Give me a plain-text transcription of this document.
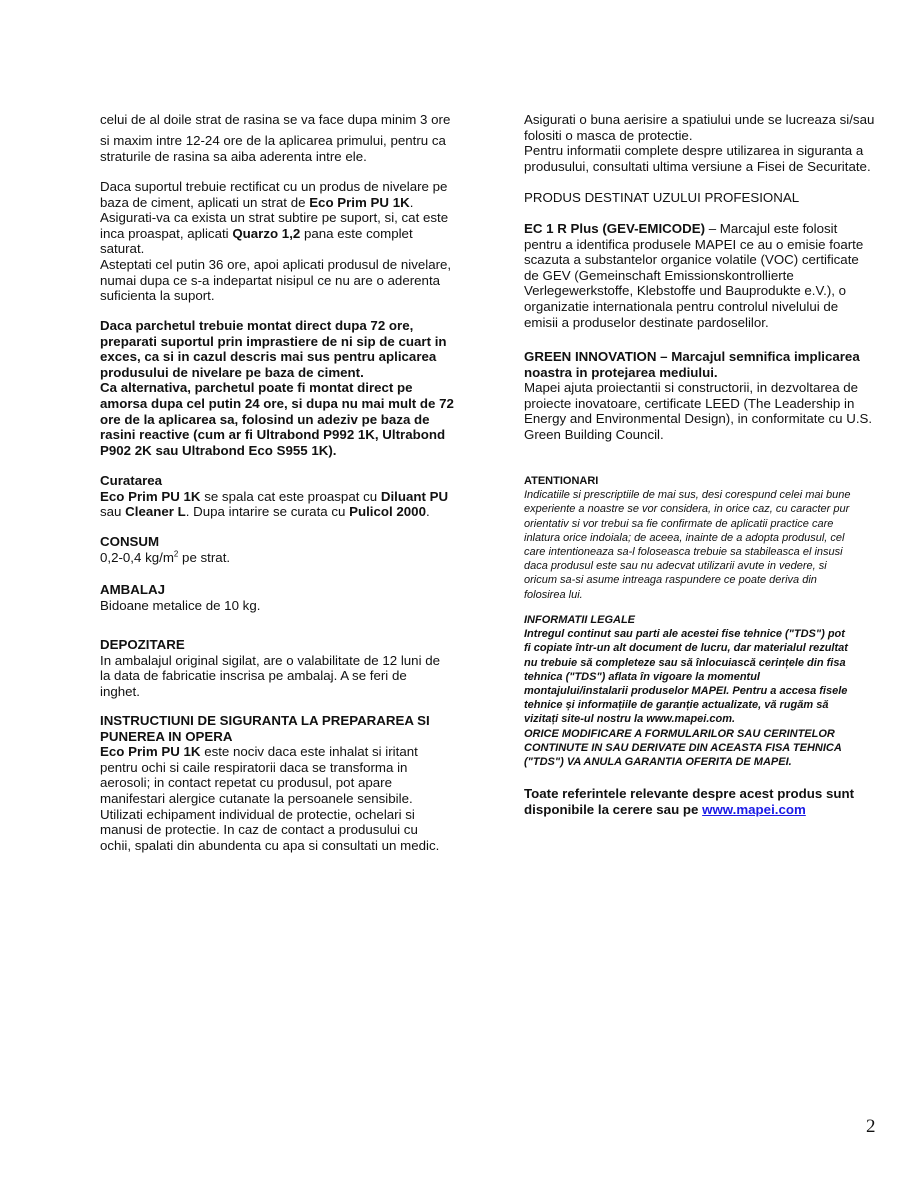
celui de al doile strat de rasina se va face dupa minim 3 ore
si maxim intre 12-24 ore de la aplicarea primului, pentru ca
straturile de rasina sa aiba aderenta intre ele.
Daca suportul trebuie rectificat cu un produs de nivelare pe
baza de ciment, aplicati un strat de Eco Prim PU 1K.
Asigurati-va ca exista un strat subtire pe suport, si, cat este
inca proaspat, aplicati Quarzo 1,2 pana este complet
saturat.
Asteptati cel putin 36 ore, apoi aplicati produsul de nivelare,
numai dupa ce s-a indepartat nisipul ce nu are o aderenta
suficienta la suport.
Daca parchetul trebuie montat direct dupa 72 ore,
preparati suportul prin imprastiere de ni sip de cuart in
exces, ca si in cazul descris mai sus pentru aplicarea
produsului de nivelare pe baza de ciment.
Ca alternativa, parchetul poate fi montat direct pe
amorsa dupa cel putin 24 ore, si dupa nu mai mult de 72
ore de la aplicarea sa, folosind un adeziv pe baza de
rasini reactive (cum ar fi Ultrabond P992 1K, Ultrabond
P902 2K sau Ultrabond Eco S955 1K).
Curatarea
Eco Prim PU 1K se spala cat este proaspat cu Diluant PU
sau Cleaner L. Dupa intarire se curata cu Pulicol 2000.
CONSUM
0,2-0,4 $kg/m^2$ pe strat.
AMBALAJ
Bidoane metalice de 10 kg.
DEPOZITARE
In ambalajul original sigilat, are o valabilitate de 12 luni de
la data de fabricatie inscrisa pe ambalaj. A se feri de
inghet.
INSTRUCTIUNI DE SIGURANTA LA PREPARAREA SI
PUNEREA IN OPERA
Eco Prim PU 1K este nociv daca este inhalat si iritant
pentru ochi si caile respiratorii daca se transforma in
aerosoli; in contact repetat cu produsul, pot apare
manifestari alergice cutanate la persoanele sensibile.
Utilizati echipament individual de protectie, ochelari si
manusi de protectie. In caz de contact a produsului cu
ochii, spalati din abundenta cu apa si consultati un medic.
Asigurati o buna aerisire a spatiului unde se lucreaza si/sau
folositi o masca de protectie.
Pentru informatii complete despre utilizarea in siguranta a
produsului, consultati ultima versiune a Fisei de Securitate.
PRODUS DESTINAT UZULUI PROFESIONAL
EC 1 R Plus (GEV-EMICODE) – Marcajul este folosit
pentru a identifica produsele MAPEI ce au o emisie foarte
scazuta a substantelor organice volatile (VOC) certificate
de GEV (Gemeinschaft Emissionskontrollierte
Verlegewerkstoffe, Klebstoffe und Bauprodukte e.V.), o
organizatie internationala pentru controlul nivelului de
emisii a produselor destinate pardoselilor.
GREEN INNOVATION – Marcajul semnifica implicarea
noastra in protejarea mediului.
Mapei ajuta proiectantii si constructorii, in dezvoltarea de
proiecte inovatoare, certificate LEED (The Leadership in
Energy and Environmental Design), in conformitate cu U.S.
Green Building Council.
ATENTIONARI
Indicatiile si prescriptiile de mai sus, desi corespund celei mai bune
experiente a noastre se vor considera, in orice caz, cu caracter pur
orientativ si vor trebui sa fie confirmate de aplicatii practice care
inlatura orice indoiala; de aceea, inainte de a adopta produsul, cel
care intentioneaza sa-l foloseasca trebuie sa stabileasca el insusi
daca produsul este sau nu adecvat utilizarii avute in vedere, si
oricum sa-si asume intreaga raspundere ce poate deriva din
folosirea lui.
INFORMATII LEGALE
Intregul continut sau parti ale acestei fise tehnice ("TDS") pot
fi copiate într-un alt document de lucru, dar materialul rezultat
nu trebuie să completeze sau să înlocuiască cerințele din fisa
tehnica ("TDS") aflata în vigoare la momentul
montajului/instalarii produselor MAPEI. Pentru a accesa fisele
tehnice și informațiile de garanție actualizate, vă rugăm să
vizitați site-ul nostru la www.mapei.com.
ORICE MODIFICARE A FORMULARILOR SAU CERINTELOR
CONTINUTE IN SAU DERIVATE DIN ACEASTA FISA TEHNICA
("TDS") VA ANULA GARANTIA OFERITA DE MAPEI.
Toate referintele relevante despre acest produs sunt
disponibile la cerere sau pe www.mapei.com
2
